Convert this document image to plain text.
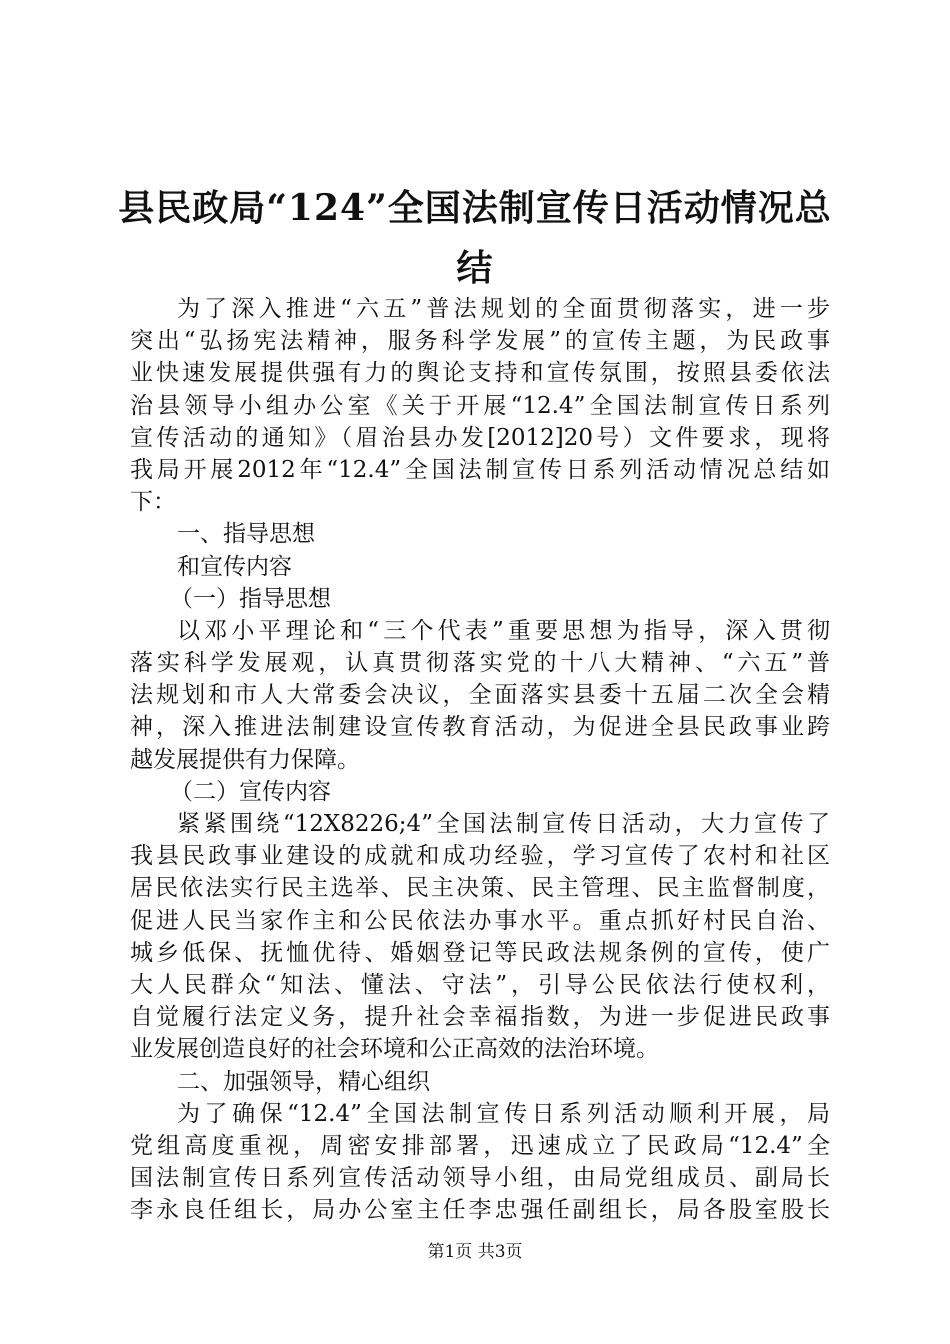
县民政局“124”全国法制宣传日活动情况总
结
为了深入推进“六五”普法规划的全面贯彻落实，进一步
突出“弘扬宪法精神，服务科学发展”的宣传主题，为民政事
业快速发展提供强有力的舆论支持和宣传氛围，按照县委依法
治县领导小组办公室《关于开展“12.4”全国法制宣传日系列
宣传活动的通知》（眉治县办发[2012]20号）文件要求，现将
我局开展2012年“12.4”全国法制宣传日系列活动情况总结如
下：
一、指导思想
和宣传内容
（一）指导思想
以邓小平理论和“三个代表”重要思想为指导，深入贯彻
落实科学发展观，认真贯彻落实党的十八大精神、“六五”普
法规划和市人大常委会决议，全面落实县委十五届二次全会精
神，深入推进法制建设宣传教育活动，为促进全县民政事业跨
越发展提供有力保障。
（二）宣传内容
紧紧围绕“12X8226;4”全国法制宣传日活动，大力宣传了
我县民政事业建设的成就和成功经验，学习宣传了农村和社区
居民依法实行民主选举、民主决策、民主管理、民主监督制度，
促进人民当家作主和公民依法办事水平。重点抓好村民自治、
城乡低保、抚恤优待、婚姻登记等民政法规条例的宣传，使广
大人民群众“知法、懂法、守法”，引导公民依法行使权利，
自觉履行法定义务，提升社会幸福指数，为进一步促进民政事
业发展创造良好的社会环境和公正高效的法治环境。
二、加强领导，精心组织
为了确保“12.4”全国法制宣传日系列活动顺利开展，局
党组高度重视，周密安排部署，迅速成立了民政局“12.4”全
国法制宣传日系列宣传活动领导小组，由局党组成员、副局长
李永良任组长，局办公室主任李忠强任副组长，局各股室股长
第1页 共3页
